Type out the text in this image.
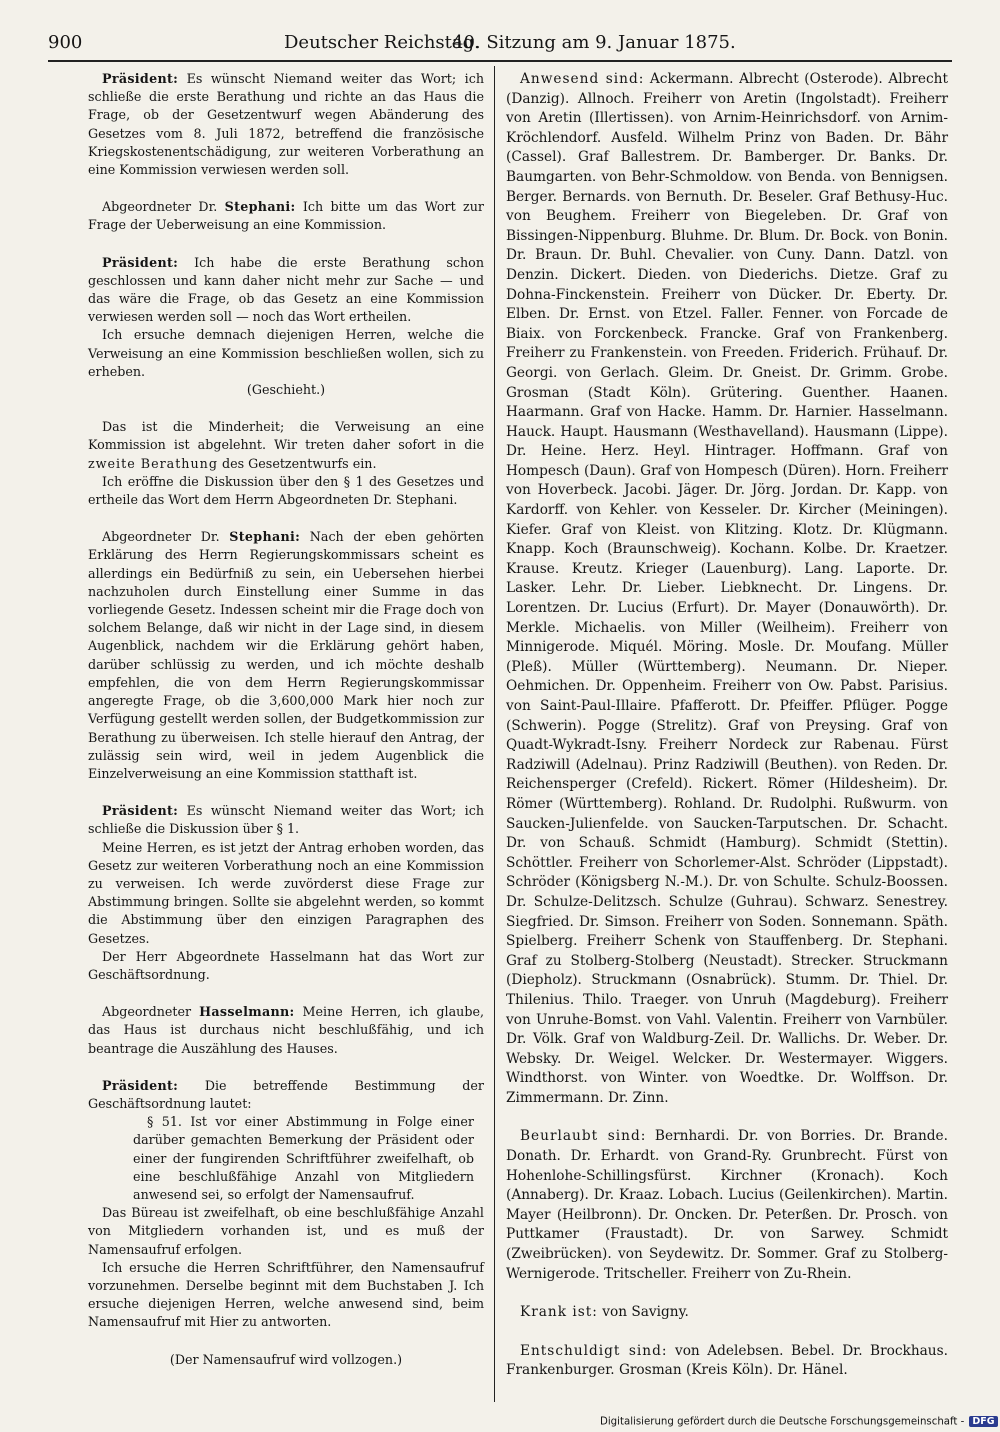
900	Deutscher Reichstag.
40. Sitzung am 9. Januar 1875.

Präsident: Es wünscht Niemand weiter das Wort; ich schließe die erste Berathung und richte an das Haus die Frage, ob der Gesetzentwurf wegen Abänderung des Gesetzes vom 8. Juli 1872, betreffend die französische Kriegskostenentschädigung, zur weiteren Vorberathung an eine Kommission verwiesen werden soll.

Abgeordneter Dr. Stephani: Ich bitte um das Wort zur Frage der Ueberweisung an eine Kommission.

Präsident: Ich habe die erste Berathung schon geschlossen und kann daher nicht mehr zur Sache — und das wäre die Frage, ob das Gesetz an eine Kommission verwiesen werden soll — noch das Wort ertheilen.

Ich ersuche demnach diejenigen Herren, welche die Verweisung an eine Kommission beschließen wollen, sich zu erheben.

(Geschieht.)

Das ist die Minderheit; die Verweisung an eine Kommission ist abgelehnt. Wir treten daher sofort in die zweite Berathung des Gesetzentwurfs ein.

Ich eröffne die Diskussion über den § 1 des Gesetzes und ertheile das Wort dem Herrn Abgeordneten Dr. Stephani.

Abgeordneter Dr. Stephani: Nach der eben gehörten Erklärung des Herrn Regierungskommissars scheint es allerdings ein Bedürfniß zu sein, ein Uebersehen hierbei nachzuholen durch Einstellung einer Summe in das vorliegende Gesetz. Indessen scheint mir die Frage doch von solchem Belange, daß wir nicht in der Lage sind, in diesem Augenblick, nachdem wir die Erklärung gehört haben, darüber schlüssig zu werden, und ich möchte deshalb empfehlen, die von dem Herrn Regierungskommissar angeregte Frage, ob die 3,600,000 Mark hier noch zur Verfügung gestellt werden sollen, der Budgetkommission zur Berathung zu überweisen. Ich stelle hierauf den Antrag, der zulässig sein wird, weil in jedem Augenblick die Einzelverweisung an eine Kommission statthaft ist.

Präsident: Es wünscht Niemand weiter das Wort; ich schließe die Diskussion über § 1.

Meine Herren, es ist jetzt der Antrag erhoben worden, das Gesetz zur weiteren Vorberathung noch an eine Kommission zu verweisen. Ich werde zuvörderst diese Frage zur Abstimmung bringen. Sollte sie abgelehnt werden, so kommt die Abstimmung über den einzigen Paragraphen des Gesetzes.

Der Herr Abgeordnete Hasselmann hat das Wort zur Geschäftsordnung.

Abgeordneter Hasselmann: Meine Herren, ich glaube, das Haus ist durchaus nicht beschlußfähig, und ich beantrage die Auszählung des Hauses.

Präsident: Die betreffende Bestimmung der Geschäftsordnung lautet:

§ 51. Ist vor einer Abstimmung in Folge einer darüber gemachten Bemerkung der Präsident oder einer der fungirenden Schriftführer zweifelhaft, ob eine beschlußfähige Anzahl von Mitgliedern anwesend sei, so erfolgt der Namensaufruf.

Das Büreau ist zweifelhaft, ob eine beschlußfähige Anzahl von Mitgliedern vorhanden ist, und es muß der Namensaufruf erfolgen.

Ich ersuche die Herren Schriftführer, den Namensaufruf vorzunehmen. Derselbe beginnt mit dem Buchstaben J. Ich ersuche diejenigen Herren, welche anwesend sind, beim Namensaufruf mit Hier zu antworten.

(Der Namensaufruf wird vollzogen.)

Anwesend sind: Ackermann. Albrecht (Osterode). Albrecht (Danzig). Allnoch. Freiherr von Aretin (Ingolstadt). Freiherr von Aretin (Illertissen). von Arnim-Heinrichsdorf. von Arnim-Kröchlendorf. Ausfeld. Wilhelm Prinz von Baden. Dr. Bähr (Cassel). Graf Ballestrem. Dr. Bamberger. Dr. Banks. Dr. Baumgarten. von Behr-Schmoldow. von Benda. von Bennigsen. Berger. Bernards. von Bernuth. Dr. Beseler. Graf Bethusy-Huc. von Beughem. Freiherr von Biegeleben. Dr. Graf von Bissingen-Nippenburg. Bluhme. Dr. Blum. Dr. Bock. von Bonin. Dr. Braun. Dr. Buhl. Chevalier. von Cuny. Dann. Datzl. von Denzin. Dickert. Dieden. von Diederichs. Dietze. Graf zu Dohna-Finckenstein. Freiherr von Dücker. Dr. Eberty. Dr. Elben. Dr. Ernst. von Etzel. Faller. Fenner. von Forcade de Biaix. von Forckenbeck. Francke. Graf von Frankenberg. Freiherr zu Frankenstein. von Freeden. Friderich. Frühauf. Dr. Georgi. von Gerlach. Gleim. Dr. Gneist. Dr. Grimm. Grobe. Grosman (Stadt Köln). Grütering. Guenther. Haanen. Haarmann. Graf von Hacke. Hamm. Dr. Harnier. Hasselmann. Hauck. Haupt. Hausmann (Westhavelland). Hausmann (Lippe). Dr. Heine. Herz. Heyl. Hintrager. Hoffmann. Graf von Hompesch (Daun). Graf von Hompesch (Düren). Horn. Freiherr von Hoverbeck. Jacobi. Jäger. Dr. Jörg. Jordan. Dr. Kapp. von Kardorff. von Kehler. von Kesseler. Dr. Kircher (Meiningen). Kiefer. Graf von Kleist. von Klitzing. Klotz. Dr. Klügmann. Knapp. Koch (Braunschweig). Kochann. Kolbe. Dr. Kraetzer. Krause. Kreutz. Krieger (Lauenburg). Lang. Laporte. Dr. Lasker. Lehr. Dr. Lieber. Liebknecht. Dr. Lingens. Dr. Lorentzen. Dr. Lucius (Erfurt). Dr. Mayer (Donauwörth). Dr. Merkle. Michaelis. von Miller (Weilheim). Freiherr von Minnigerode. Miquél. Möring. Mosle. Dr. Moufang. Müller (Pleß). Müller (Württemberg). Neumann. Dr. Nieper. Oehmichen. Dr. Oppenheim. Freiherr von Ow. Pabst. Parisius. von Saint-Paul-Illaire. Pfafferott. Dr. Pfeiffer. Pflüger. Pogge (Schwerin). Pogge (Strelitz). Graf von Preysing. Graf von Quadt-Wykradt-Isny. Freiherr Nordeck zur Rabenau. Fürst Radziwill (Adelnau). Prinz Radziwill (Beuthen). von Reden. Dr. Reichensperger (Crefeld). Rickert. Römer (Hildesheim). Dr. Römer (Württemberg). Rohland. Dr. Rudolphi. Rußwurm. von Saucken-Julienfelde. von Saucken-Tarputschen. Dr. Schacht. Dr. von Schauß. Schmidt (Hamburg). Schmidt (Stettin). Schöttler. Freiherr von Schorlemer-Alst. Schröder (Lippstadt). Schröder (Königsberg N.-M.). Dr. von Schulte. Schulz-Boossen. Dr. Schulze-Delitzsch. Schulze (Guhrau). Schwarz. Senestrey. Siegfried. Dr. Simson. Freiherr von Soden. Sonnemann. Späth. Spielberg. Freiherr Schenk von Stauffenberg. Dr. Stephani. Graf zu Stolberg-Stolberg (Neustadt). Strecker. Struckmann (Diepholz). Struckmann (Osnabrück). Stumm. Dr. Thiel. Dr. Thilenius. Thilo. Traeger. von Unruh (Magdeburg). Freiherr von Unruhe-Bomst. von Vahl. Valentin. Freiherr von Varnbüler. Dr. Völk. Graf von Waldburg-Zeil. Dr. Wallichs. Dr. Weber. Dr. Websky. Dr. Weigel. Welcker. Dr. Westermayer. Wiggers. Windthorst. von Winter. von Woedtke. Dr. Wolffson. Dr. Zimmermann. Dr. Zinn.

Beurlaubt sind: Bernhardi. Dr. von Borries. Dr. Brande. Donath. Dr. Erhardt. von Grand-Ry. Grunbrecht. Fürst von Hohenlohe-Schillingsfürst. Kirchner (Kronach). Koch (Annaberg). Dr. Kraaz. Lobach. Lucius (Geilenkirchen). Martin. Mayer (Heilbronn). Dr. Oncken. Dr. Peterßen. Dr. Prosch. von Puttkamer (Fraustadt). Dr. von Sarwey. Schmidt (Zweibrücken). von Seydewitz. Dr. Sommer. Graf zu Stolberg-Wernigerode. Tritscheller. Freiherr von Zu-Rhein.

Krank ist: von Savigny.

Entschuldigt sind: von Adelebsen. Bebel. Dr. Brockhaus. Frankenburger. Grosman (Kreis Köln). Dr. Hänel.

Digitalisierung gefördert durch die Deutsche Forschungsgemeinschaft - DFG
